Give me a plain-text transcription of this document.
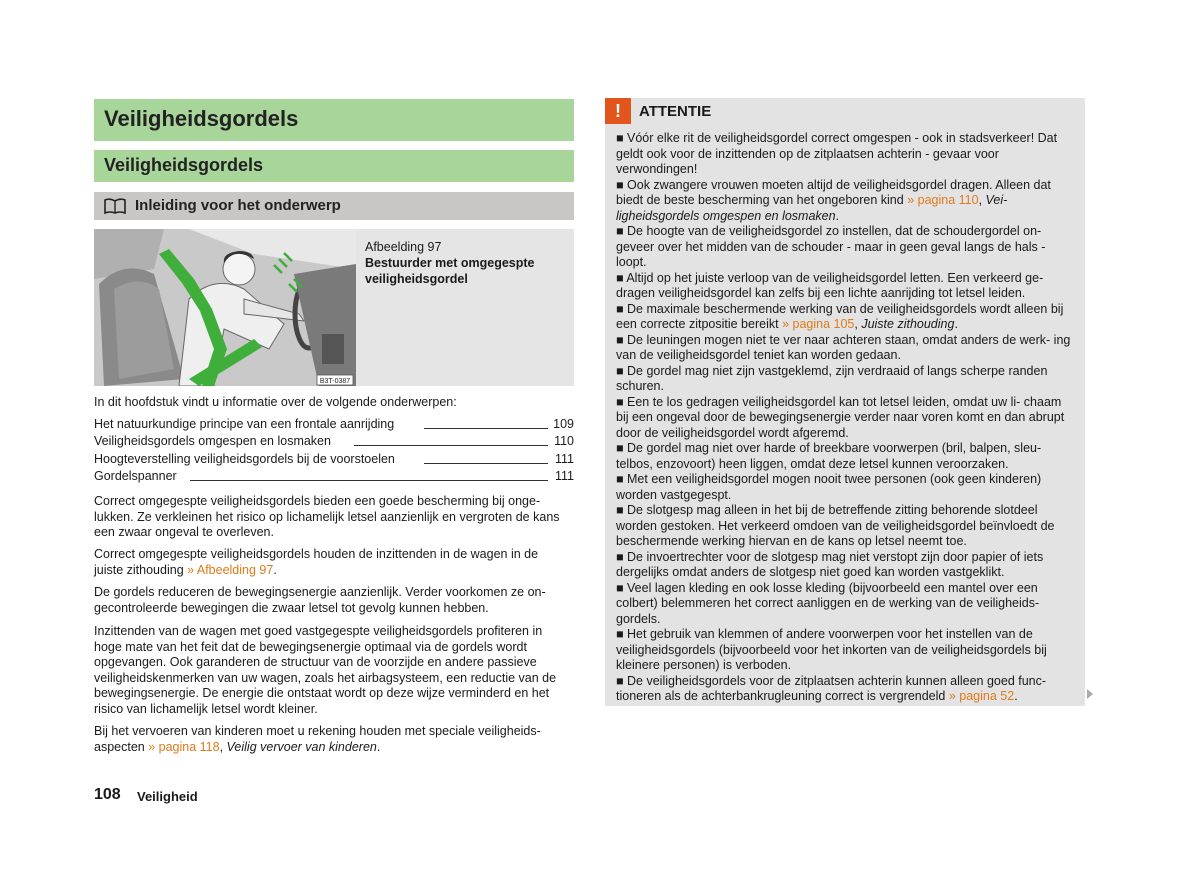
Veiligheidsgordels
Veiligheidsgordels
Inleiding voor het onderwerp
B3T-0387
Afbeelding 97
Bestuurder met omgegespte veiligheidsgordel
In dit hoofdstuk vindt u informatie over de volgende onderwerpen:
Het natuurkundige principe van een frontale aanrijding	109
Veiligheidsgordels omgespen en losmaken	110
Hoogteverstelling veiligheidsgordels bij de voorstoelen	111
Gordelspanner	111
Correct omgegespte veiligheidsgordels bieden een goede bescherming bij onge- lukken. Ze verkleinen het risico op lichamelijk letsel aanzienlijk en vergroten de kans een zwaar ongeval te overleven.
Correct omgegespte veiligheidsgordels houden de inzittenden in de wagen in de juiste zithouding » Afbeelding 97.
De gordels reduceren de bewegingsenergie aanzienlijk. Verder voorkomen ze on- gecontroleerde bewegingen die zwaar letsel tot gevolg kunnen hebben.
Inzittenden van de wagen met goed vastgegespte veiligheidsgordels profiteren in hoge mate van het feit dat de bewegingsenergie optimaal via de gordels wordt opgevangen. Ook garanderen de structuur van de voorzijde en andere passieve veiligheidskenmerken van uw wagen, zoals het airbagsysteem, een reductie van de bewegingsenergie. De energie die ontstaat wordt op deze wijze verminderd en het risico van lichamelijk letsel wordt kleiner.
Bij het vervoeren van kinderen moet u rekening houden met speciale veiligheids- aspecten » pagina 118, Veilig vervoer van kinderen.
108 Veiligheid
!	ATTENTIE

■ Vóór elke rit de veiligheidsgordel correct omgespen - ook in stadsverkeer! Dat geldt ook voor de inzittenden op de zitplaatsen achterin - gevaar voor verwondingen!

■ Ook zwangere vrouwen moeten altijd de veiligheidsgordel dragen. Alleen dat biedt de beste bescherming van het ongeboren kind » pagina 110, Vei- ligheidsgordels omgespen en losmaken.

■ De hoogte van de veiligheidsgordel zo instellen, dat de schoudergordel on- geveer over het midden van de schouder - maar in geen geval langs de hals - loopt.

■ Altijd op het juiste verloop van de veiligheidsgordel letten. Een verkeerd ge- dragen veiligheidsgordel kan zelfs bij een lichte aanrijding tot letsel leiden.

■ De maximale beschermende werking van de veiligheidsgordels wordt alleen bij een correcte zitpositie bereikt » pagina 105, Juiste zithouding.

■ De leuningen mogen niet te ver naar achteren staan, omdat anders de werk- ing van de veiligheidsgordel teniet kan worden gedaan.

■ De gordel mag niet zijn vastgeklemd, zijn verdraaid of langs scherpe randen schuren.

■ Een te los gedragen veiligheidsgordel kan tot letsel leiden, omdat uw li- chaam bij een ongeval door de bewegingsenergie verder naar voren komt en dan abrupt door de veiligheidsgordel wordt afgeremd.

■ De gordel mag niet over harde of breekbare voorwerpen (bril, balpen, sleu- telbos, enzovoort) heen liggen, omdat deze letsel kunnen veroorzaken.

■ Met een veiligheidsgordel mogen nooit twee personen (ook geen kinderen) worden vastgegespt.

■ De slotgesp mag alleen in het bij de betreffende zitting behorende slotdeel worden gestoken. Het verkeerd omdoen van de veiligheidsgordel beïnvloedt de beschermende werking hiervan en de kans op letsel neemt toe.

■ De invoertrechter voor de slotgesp mag niet verstopt zijn door papier of iets dergelijks omdat anders de slotgesp niet goed kan worden vastgeklikt.

■ Veel lagen kleding en ook losse kleding (bijvoorbeeld een mantel over een colbert) belemmeren het correct aanliggen en de werking van de veiligheids- gordels.

■ Het gebruik van klemmen of andere voorwerpen voor het instellen van de veiligheidsgordels (bijvoorbeeld voor het inkorten van de veiligheidsgordels bij kleinere personen) is verboden.

■ De veiligheidsgordels voor de zitplaatsen achterin kunnen alleen goed func- tioneren als de achterbankrugleuning correct is vergrendeld » pagina 52.
